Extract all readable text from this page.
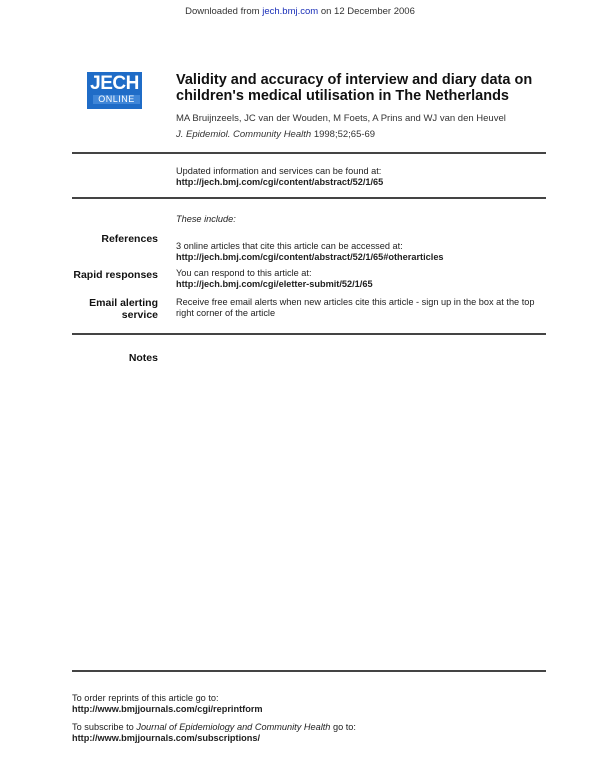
Downloaded from jech.bmj.com on 12 December 2006
JECH
ONLINE
Validity and accuracy of interview and diary data on children's medical utilisation in The Netherlands
MA Bruijnzeels, JC van der Wouden, M Foets, A Prins and WJ van den Heuvel
J. Epidemiol. Community Health 1998;52;65-69
Updated information and services can be found at:
http://jech.bmj.com/cgi/content/abstract/52/1/65
These include:
References
3 online articles that cite this article can be accessed at:
http://jech.bmj.com/cgi/content/abstract/52/1/65#otherarticles
Rapid responses You can respond to this article at:
http://jech.bmj.com/cgi/eletter-submit/52/1/65
Email alerting
service
Receive free email alerts when new articles cite this article - sign up in the box at the top right corner of the article
Notes
To order reprints of this article go to:
http://www.bmjjournals.com/cgi/reprintform
To subscribe to Journal of Epidemiology and Community Health go to:
http://www.bmjjournals.com/subscriptions/
